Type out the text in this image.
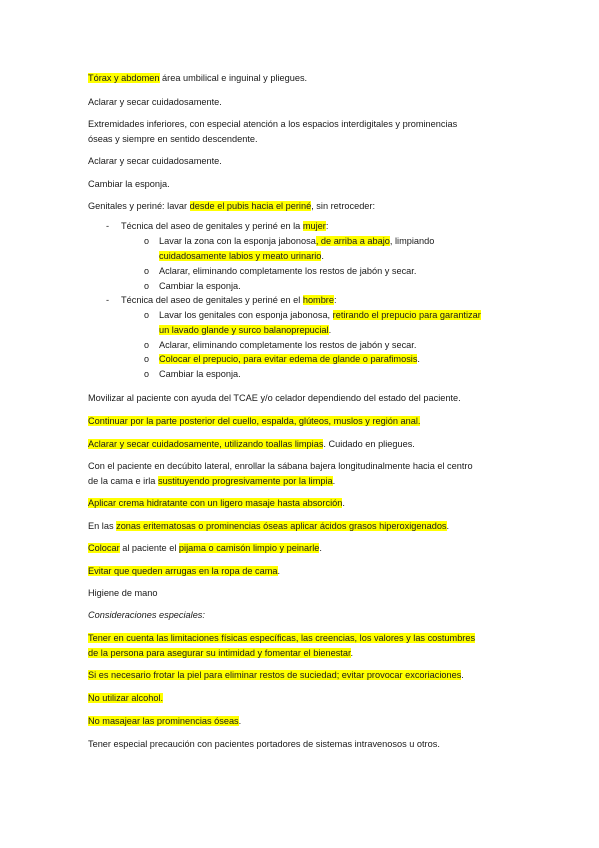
Tórax y abdomen área umbilical e inguinal y pliegues.
Aclarar y secar cuidadosamente.
Extremidades inferiores, con especial atención a los espacios interdigitales y prominencias
óseas y siempre en sentido descendente.
Aclarar y secar cuidadosamente.
Cambiar la esponja.
Genitales y periné: lavar desde el pubis hacia el periné, sin retroceder:
- Técnica del aseo de genitales y periné en la mujer:
o Lavar la zona con la esponja jabonosa, de arriba a abajo, limpiando
cuidadosamente labios y meato urinario.
o Aclarar, eliminando completamente los restos de jabón y secar.
o Cambiar la esponja.
- Técnica del aseo de genitales y periné en el hombre:
o Lavar los genitales con esponja jabonosa, retirando el prepucio para garantizar
un lavado glande y surco balanoprepucial.
o Aclarar, eliminando completamente los restos de jabón y secar.
o Colocar el prepucio, para evitar edema de glande o parafimosis.
o Cambiar la esponja.
Movilizar al paciente con ayuda del TCAE y/o celador dependiendo del estado del paciente.
Continuar por la parte posterior del cuello, espalda, glúteos, muslos y región anal.
Aclarar y secar cuidadosamente, utilizando toallas limpias. Cuidado en pliegues.
Con el paciente en decúbito lateral, enrollar la sábana bajera longitudinalmente hacia el centro
de la cama e irla sustituyendo progresivamente por la limpia.
Aplicar crema hidratante con un ligero masaje hasta absorción.
En las zonas eritematosas o prominencias óseas aplicar ácidos grasos hiperoxigenados.
Colocar al paciente el pijama o camisón limpio y peinarle.
Evitar que queden arrugas en la ropa de cama.
Higiene de mano
Consideraciones especiales:
Tener en cuenta las limitaciones físicas específicas, las creencias, los valores y las costumbres
de la persona para asegurar su intimidad y fomentar el bienestar.
Si es necesario frotar la piel para eliminar restos de suciedad; evitar provocar excoriaciones.
No utilizar alcohol.
No masajear las prominencias óseas.
Tener especial precaución con pacientes portadores de sistemas intravenosos u otros.
